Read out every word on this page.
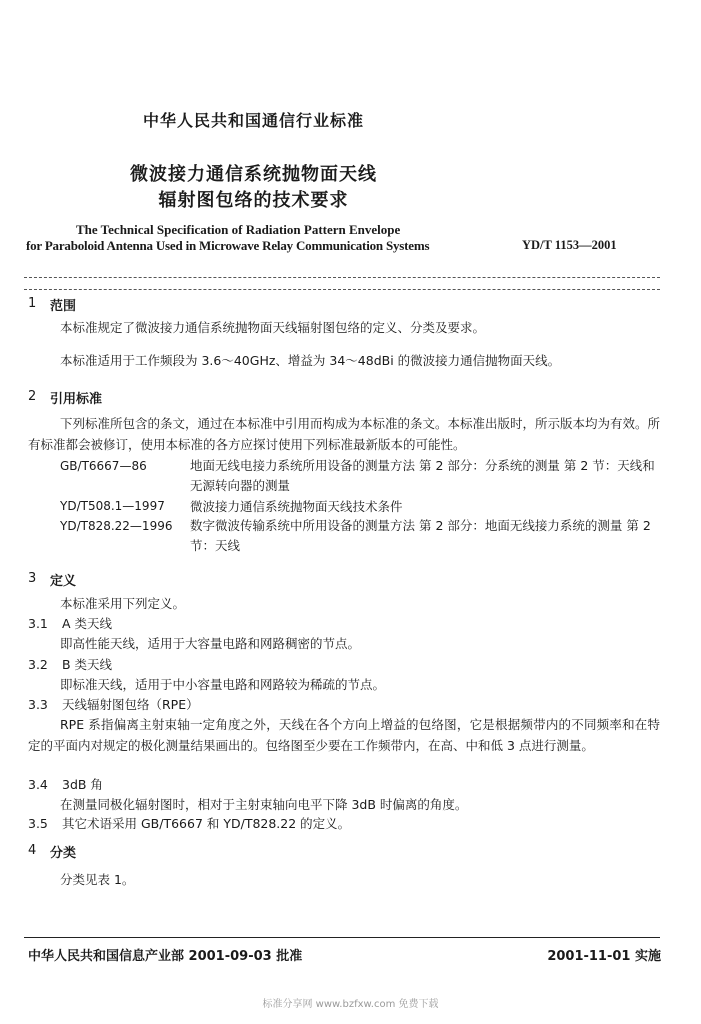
中华人民共和国通信行业标准
微波接力通信系统抛物面天线
辐射图包络的技术要求
The Technical Specification of Radiation Pattern Envelope
for Paraboloid Antenna Used in Microwave Relay Communication Systems	YD/T 1153—2001
1 范围
本标准规定了微波接力通信系统抛物面天线辐射图包络的定义、分类及要求。
本标准适用于工作频段为 3.6～40GHz、增益为 34～48dBi 的微波接力通信抛物面天线。
2 引用标准
下列标准所包含的条文，通过在本标准中引用而构成为本标准的条文。本标准出版时，所示版本均为有效。所有标准都会被修订，使用本标准的各方应探讨使用下列标准最新版本的可能性。
GB/T6667—86	地面无线电接力系统所用设备的测量方法 第 2 部分：分系统的测量 第 2 节：天线和无源转向器的测量
YD/T508.1—1997 微波接力通信系统抛物面天线技术条件
YD/T828.22—1996 数字微波传输系统中所用设备的测量方法 第 2 部分：地面无线接力系统的测量 第 2 节：天线
3 定义
本标准采用下列定义。
3.1 A 类天线
即高性能天线，适用于大容量电路和网路稠密的节点。
3.2 B 类天线
即标准天线，适用于中小容量电路和网路较为稀疏的节点。
3.3 天线辐射图包络（RPE）
RPE 系指偏离主射束轴一定角度之外，天线在各个方向上增益的包络图，它是根据频带内的不同频率和在特定的平面内对规定的极化测量结果画出的。包络图至少要在工作频带内，在高、中和低 3 点进行测量。
3.4 3dB 角
在测量同极化辐射图时，相对于主射束轴向电平下降 3dB 时偏离的角度。
3.5 其它术语采用 GB/T6667 和 YD/T828.22 的定义。
4 分类
分类见表 1。
中华人民共和国信息产业部 2001-09-03 批准	2001-11-01 实施
标准分享网 www.bzfxw.com 免费下载
